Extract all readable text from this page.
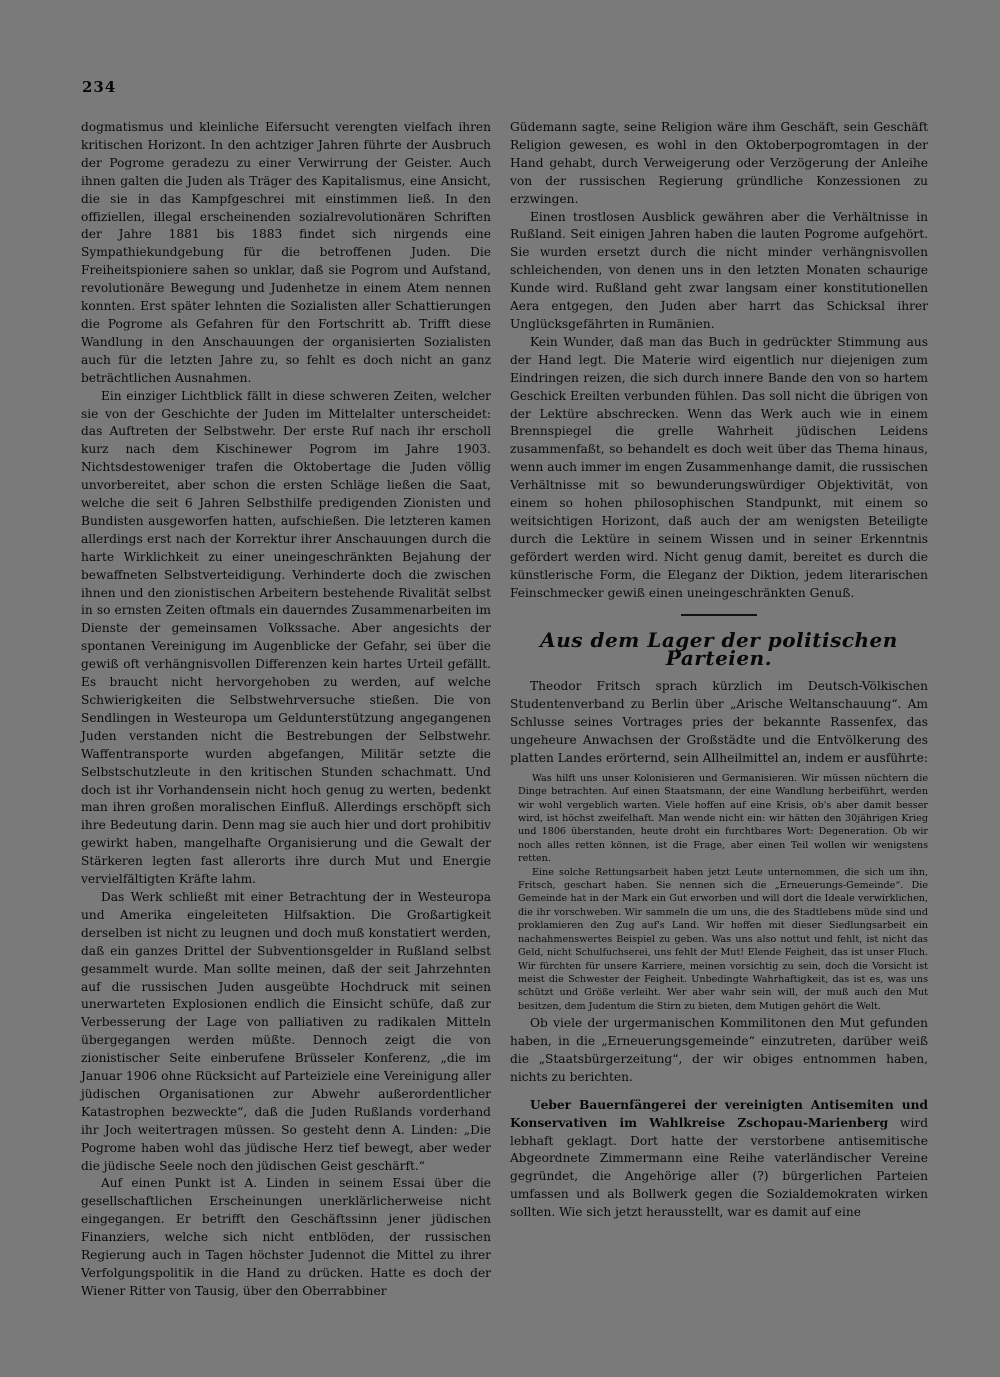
234

dogmatismus und kleinliche Eifersucht verengten vielfach ihren kritischen Horizont. In den achtziger Jahren führte der Ausbruch der Pogrome geradezu zu einer Verwirrung der Geister. Auch ihnen galten die Juden als Träger des Kapitalismus, eine Ansicht, die sie in das Kampfgeschrei mit einstimmen ließ. In den offiziellen, illegal erscheinenden sozialrevolutionären Schriften der Jahre 1881 bis 1883 findet sich nirgends eine Sympathiekundgebung für die betroffenen Juden. Die Freiheitspioniere sahen so unklar, daß sie Pogrom und Aufstand, revolutionäre Bewegung und Judenhetze in einem Atem nennen konnten. Erst später lehnten die Sozialisten aller Schattierungen die Pogrome als Gefahren für den Fortschritt ab. Trifft diese Wandlung in den Anschauungen der organisierten Sozialisten auch für die letzten Jahre zu, so fehlt es doch nicht an ganz beträchtlichen Ausnahmen.

Ein einziger Lichtblick fällt in diese schweren Zeiten, welcher sie von der Geschichte der Juden im Mittelalter unterscheidet: das Auftreten der Selbstwehr. Der erste Ruf nach ihr erscholl kurz nach dem Kischinewer Pogrom im Jahre 1903. Nichtsdestoweniger trafen die Oktobertage die Juden völlig unvorbereitet, aber schon die ersten Schläge ließen die Saat, welche die seit 6 Jahren Selbsthilfe predigenden Zionisten und Bundisten ausgeworfen hatten, aufschießen. Die letzteren kamen allerdings erst nach der Korrektur ihrer Anschauungen durch die harte Wirklichkeit zu einer uneingeschränkten Bejahung der bewaffneten Selbstverteidigung. Verhinderte doch die zwischen ihnen und den zionistischen Arbeitern bestehende Rivalität selbst in so ernsten Zeiten oftmals ein dauerndes Zusammenarbeiten im Dienste der gemeinsamen Volkssache. Aber angesichts der spontanen Vereinigung im Augenblicke der Gefahr, sei über die gewiß oft verhängnisvollen Differenzen kein hartes Urteil gefällt. Es braucht nicht hervorgehoben zu werden, auf welche Schwierigkeiten die Selbstwehrversuche stießen. Die von Sendlingen in Westeuropa um Geldunterstützung angegangenen Juden verstanden nicht die Bestrebungen der Selbstwehr. Waffentransporte wurden abgefangen, Militär setzte die Selbstschutzleute in den kritischen Stunden schachmatt. Und doch ist ihr Vorhandensein nicht hoch genug zu werten, bedenkt man ihren großen moralischen Einfluß. Allerdings erschöpft sich ihre Bedeutung darin. Denn mag sie auch hier und dort prohibitiv gewirkt haben, mangelhafte Organisierung und die Gewalt der Stärkeren legten fast allerorts ihre durch Mut und Energie vervielfältigten Kräfte lahm.

Das Werk schließt mit einer Betrachtung der in Westeuropa und Amerika eingeleiteten Hilfsaktion. Die Großartigkeit derselben ist nicht zu leugnen und doch muß konstatiert werden, daß ein ganzes Drittel der Subventionsgelder in Rußland selbst gesammelt wurde. Man sollte meinen, daß der seit Jahrzehnten auf die russischen Juden ausgeübte Hochdruck mit seinen unerwarteten Explosionen endlich die Einsicht schüfe, daß zur Verbesserung der Lage von palliativen zu radikalen Mitteln übergegangen werden müßte. Dennoch zeigt die von zionistischer Seite einberufene Brüsseler Konferenz, „die im Januar 1906 ohne Rücksicht auf Parteiziele eine Vereinigung aller jüdischen Organisationen zur Abwehr außerordentlicher Katastrophen bezweckte“, daß die Juden Rußlands vorderhand ihr Joch weitertragen müssen. So gesteht denn A. Linden: „Die Pogrome haben wohl das jüdische Herz tief bewegt, aber weder die jüdische Seele noch den jüdischen Geist geschärft.“

Auf einen Punkt ist A. Linden in seinem Essai über die gesellschaftlichen Erscheinungen unerklärlicherweise nicht eingegangen. Er betrifft den Geschäftssinn jener jüdischen Finanziers, welche sich nicht entblöden, der russischen Regierung auch in Tagen höchster Judennot die Mittel zu ihrer Verfolgungspolitik in die Hand zu drücken. Hatte es doch der Wiener Ritter von Tausig, über den Oberrabbiner

Güdemann sagte, seine Religion wäre ihm Geschäft, sein Geschäft Religion gewesen, es wohl in den Oktoberpogromtagen in der Hand gehabt, durch Verweigerung oder Verzögerung der Anleihe von der russischen Regierung gründliche Konzessionen zu erzwingen.

Einen trostlosen Ausblick gewähren aber die Verhältnisse in Rußland. Seit einigen Jahren haben die lauten Pogrome aufgehört. Sie wurden ersetzt durch die nicht minder verhängnisvollen schleichenden, von denen uns in den letzten Monaten schaurige Kunde wird. Rußland geht zwar langsam einer konstitutionellen Aera entgegen, den Juden aber harrt das Schicksal ihrer Unglücksgefährten in Rumänien.

Kein Wunder, daß man das Buch in gedrückter Stimmung aus der Hand legt. Die Materie wird eigentlich nur diejenigen zum Eindringen reizen, die sich durch innere Bande den von so hartem Geschick Ereilten verbunden fühlen. Das soll nicht die übrigen von der Lektüre abschrecken. Wenn das Werk auch wie in einem Brennspiegel die grelle Wahrheit jüdischen Leidens zusammenfaßt, so behandelt es doch weit über das Thema hinaus, wenn auch immer im engen Zusammenhange damit, die russischen Verhältnisse mit so bewunderungswürdiger Objektivität, von einem so hohen philosophischen Standpunkt, mit einem so weitsichtigen Horizont, daß auch der am wenigsten Beteiligte durch die Lektüre in seinem Wissen und in seiner Erkenntnis gefördert werden wird. Nicht genug damit, bereitet es durch die künstlerische Form, die Eleganz der Diktion, jedem literarischen Feinschmecker gewiß einen uneingeschränkten Genuß.

Aus dem Lager der politischen Parteien.

Theodor Fritsch sprach kürzlich im Deutsch-Völkischen Studentenverband zu Berlin über „Arische Weltanschauung“. Am Schlusse seines Vortrages pries der bekannte Rassenfex, das ungeheure Anwachsen der Großstädte und die Entvölkerung des platten Landes erörternd, sein Allheilmittel an, indem er ausführte:

Was hilft uns unser Kolonisieren und Germanisieren. Wir müssen nüchtern die Dinge betrachten. Auf einen Staatsmann, der eine Wandlung herbeiführt, werden wir wohl vergeblich warten. Viele hoffen auf eine Krisis, ob's aber damit besser wird, ist höchst zweifelhaft. Man wende nicht ein: wir hätten den 30jährigen Krieg und 1806 überstanden, heute droht ein furchtbares Wort: Degeneration. Ob wir noch alles retten können, ist die Frage, aber einen Teil wollen wir wenigstens retten.

Eine solche Rettungsarbeit haben jetzt Leute unternommen, die sich um ihn, Fritsch, geschart haben. Sie nennen sich die „Erneuerungs-Gemeinde“. Die Gemeinde hat in der Mark ein Gut erworben und will dort die Ideale verwirklichen, die ihr vorschweben. Wir sammeln die um uns, die des Stadtlebens müde sind und proklamieren den Zug auf's Land. Wir hoffen mit dieser Siedlungsarbeit ein nachahmenswertes Beispiel zu geben. Was uns also nottut und fehlt, ist nicht das Geld, nicht Schulfuchserei, uns fehlt der Mut! Elende Feigheit, das ist unser Fluch. Wir fürchten für unsere Karriere, meinen vorsichtig zu sein, doch die Vorsicht ist meist die Schwester der Feigheit. Unbedingte Wahrhaftigkeit, das ist es, was uns schützt und Größe verleiht. Wer aber wahr sein will, der muß auch den Mut besitzen, dem Judentum die Stirn zu bieten, dem Mutigen gehört die Welt.

Ob viele der urgermanischen Kommilitonen den Mut gefunden haben, in die „Erneuerungsgemeinde“ einzutreten, darüber weiß die „Staatsbürgerzeitung“, der wir obiges entnommen haben, nichts zu berichten.

Ueber Bauernfängerei der vereinigten Antisemiten und Konservativen im Wahlkreise Zschopau-Marienberg wird lebhaft geklagt. Dort hatte der verstorbene antisemitische Abgeordnete Zimmermann eine Reihe vaterländischer Vereine gegründet, die Angehörige aller (?) bürgerlichen Parteien umfassen und als Bollwerk gegen die Sozialdemokraten wirken sollten. Wie sich jetzt herausstellt, war es damit auf eine
